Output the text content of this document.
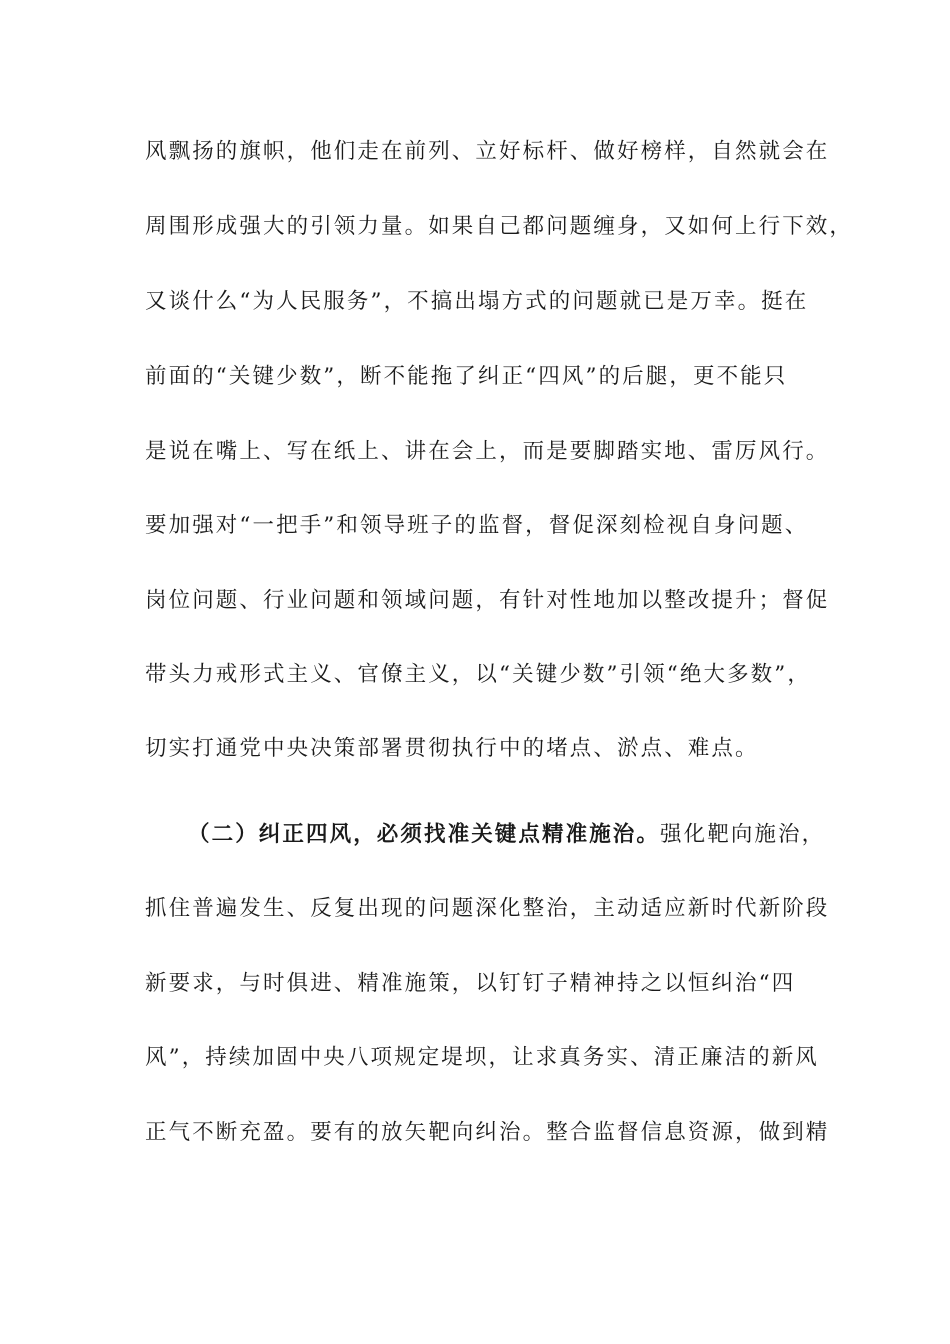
风飘扬的旗帜，他们走在前列、立好标杆、做好榜样，自然就会在
周围形成强大的引领力量。如果自己都问题缠身，又如何上行下效，
又谈什么“为人民服务”，不搞出塌方式的问题就已是万幸。挺在
前面的“关键少数”，断不能拖了纠正“四风”的后腿，更不能只
是说在嘴上、写在纸上、讲在会上，而是要脚踏实地、雷厉风行。
要加强对“一把手”和领导班子的监督，督促深刻检视自身问题、
岗位问题、行业问题和领域问题，有针对性地加以整改提升；督促
带头力戒形式主义、官僚主义，以“关键少数”引领“绝大多数”，
切实打通党中央决策部署贯彻执行中的堵点、淤点、难点。
（二）纠正四风，必须找准关键点精准施治。强化靶向施治，
抓住普遍发生、反复出现的问题深化整治，主动适应新时代新阶段
新要求，与时俱进、精准施策，以钉钉子精神持之以恒纠治“四
风”，持续加固中央八项规定堤坝，让求真务实、清正廉洁的新风
正气不断充盈。要有的放矢靶向纠治。整合监督信息资源，做到精
